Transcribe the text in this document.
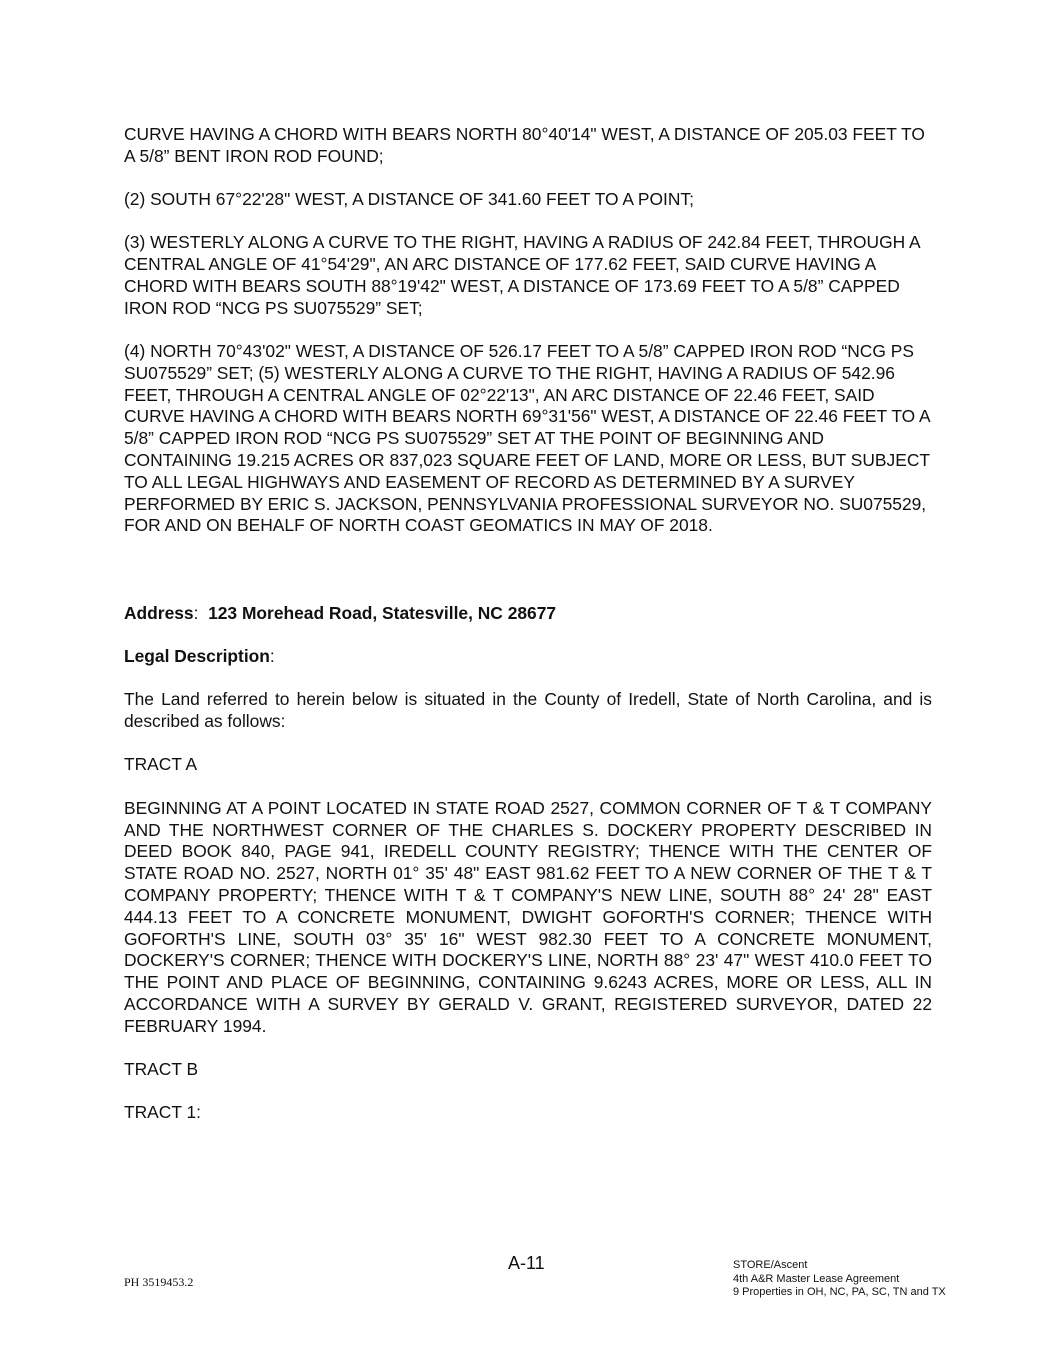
CURVE HAVING A CHORD WITH BEARS NORTH 80°40'14" WEST, A DISTANCE OF 205.03 FEET TO A 5/8” BENT IRON ROD FOUND;

(2) SOUTH 67°22'28" WEST, A DISTANCE OF 341.60 FEET TO A POINT;

(3) WESTERLY ALONG A CURVE TO THE RIGHT, HAVING A RADIUS OF 242.84 FEET, THROUGH A CENTRAL ANGLE OF 41°54'29", AN ARC DISTANCE OF 177.62 FEET, SAID CURVE HAVING A CHORD WITH BEARS SOUTH 88°19'42" WEST, A DISTANCE OF 173.69 FEET TO A 5/8” CAPPED IRON ROD “NCG PS SU075529” SET;

(4) NORTH 70°43'02" WEST, A DISTANCE OF 526.17 FEET TO A 5/8” CAPPED IRON ROD “NCG PS SU075529” SET; (5) WESTERLY ALONG A CURVE TO THE RIGHT, HAVING A RADIUS OF 542.96 FEET, THROUGH A CENTRAL ANGLE OF 02°22'13", AN ARC DISTANCE OF 22.46 FEET, SAID CURVE HAVING A CHORD WITH BEARS NORTH 69°31'56" WEST, A DISTANCE OF 22.46 FEET TO A 5/8” CAPPED IRON ROD “NCG PS SU075529” SET AT THE POINT OF BEGINNING AND CONTAINING 19.215 ACRES OR 837,023 SQUARE FEET OF LAND, MORE OR LESS, BUT SUBJECT TO ALL LEGAL HIGHWAYS AND EASEMENT OF RECORD AS DETERMINED BY A SURVEY PERFORMED BY ERIC S. JACKSON, PENNSYLVANIA PROFESSIONAL SURVEYOR NO. SU075529, FOR AND ON BEHALF OF NORTH COAST GEOMATICS IN MAY OF 2018.

Address:  123 Morehead Road, Statesville, NC 28677

Legal Description:

The Land referred to herein below is situated in the County of Iredell, State of North Carolina, and is described as follows:

TRACT A

BEGINNING AT A POINT LOCATED IN STATE ROAD 2527, COMMON CORNER OF T & T COMPANY AND THE NORTHWEST CORNER OF THE CHARLES S. DOCKERY PROPERTY DESCRIBED IN DEED BOOK 840, PAGE 941, IREDELL COUNTY REGISTRY; THENCE WITH THE CENTER OF STATE ROAD NO. 2527, NORTH 01° 35' 48" EAST 981.62 FEET TO A NEW CORNER OF THE T & T COMPANY PROPERTY; THENCE WITH T & T COMPANY'S NEW LINE, SOUTH 88° 24' 28" EAST 444.13 FEET TO A CONCRETE MONUMENT, DWIGHT GOFORTH'S CORNER; THENCE WITH GOFORTH'S LINE, SOUTH 03° 35' 16" WEST 982.30 FEET TO A CONCRETE MONUMENT, DOCKERY'S CORNER; THENCE WITH DOCKERY'S LINE, NORTH 88° 23' 47" WEST 410.0 FEET TO THE POINT AND PLACE OF BEGINNING, CONTAINING 9.6243 ACRES, MORE OR LESS, ALL IN ACCORDANCE WITH A SURVEY BY GERALD V. GRANT, REGISTERED SURVEYOR, DATED 22 FEBRUARY 1994.

TRACT B

TRACT 1:

A-11
PH 3519453.2
STORE/Ascent
4th A&R Master Lease Agreement
9 Properties in OH, NC, PA, SC, TN and TX
